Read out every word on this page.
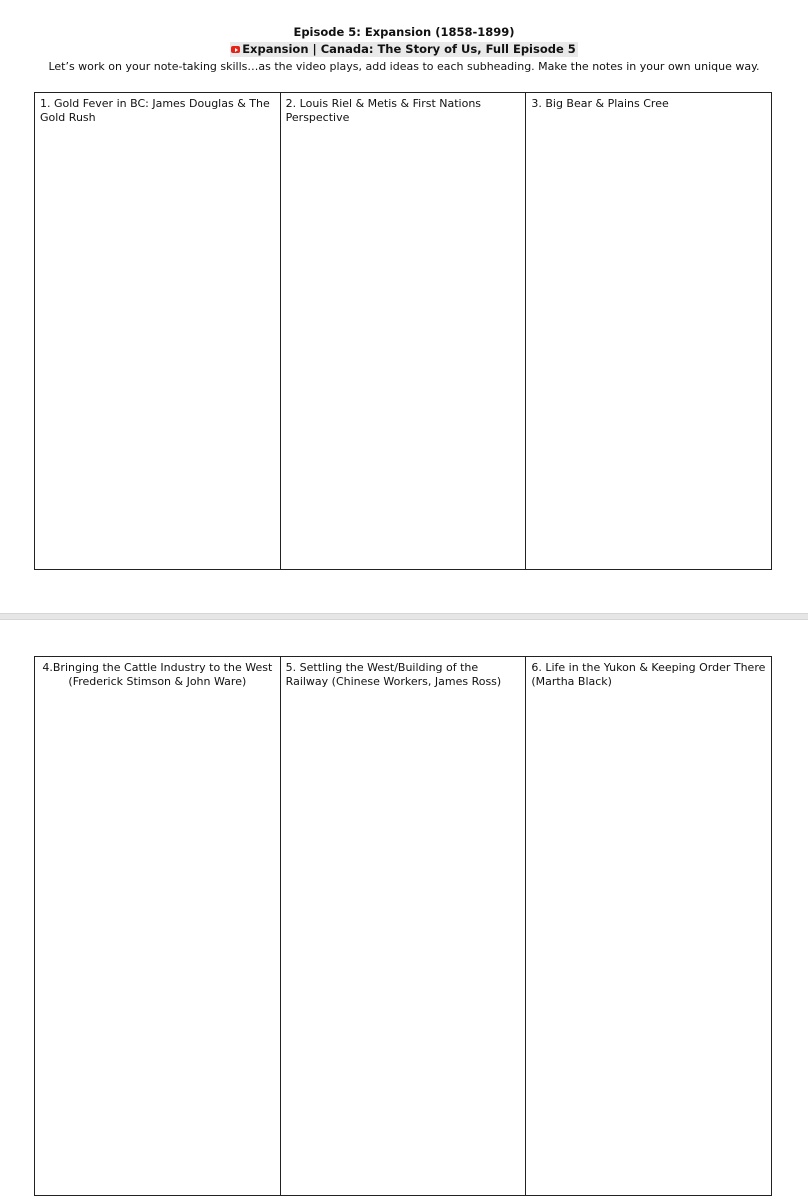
Episode 5: Expansion (1858-1899)
Expansion | Canada: The Story of Us, Full Episode 5
Let’s work on your note-taking skills…as the video plays, add ideas to each subheading. Make the notes in your own unique way.
1. Gold Fever in BC: James Douglas & The Gold Rush
2. Louis Riel & Metis & First Nations Perspective
3. Big Bear & Plains Cree
4.Bringing the Cattle Industry to the West (Frederick Stimson & John Ware)
5. Settling the West/Building of the Railway (Chinese Workers, James Ross)
6. Life in the Yukon & Keeping Order There (Martha Black)
